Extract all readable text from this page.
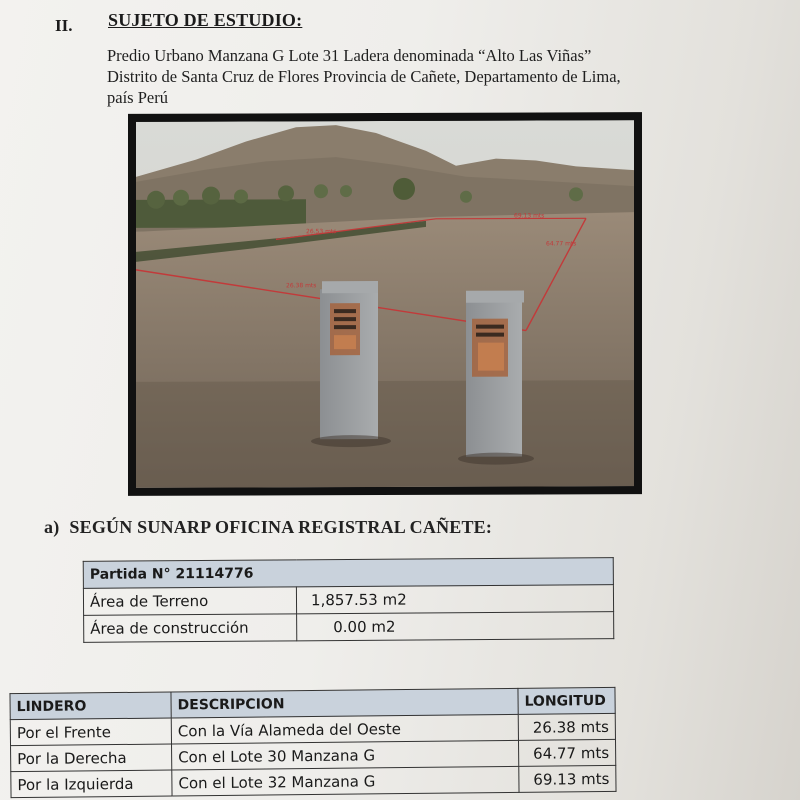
II. SUJETO DE ESTUDIO:
Predio Urbano Manzana G Lote 31 Ladera denominada “Alto Las Viñas”
Distrito de Santa Cruz de Flores Provincia de Cañete, Departamento de Lima,
país Perú
26.38 mts
69.13 mts
64.77 mts
26.53 mts
a) SEGÚN SUNARP OFICINA REGISTRAL CAÑETE:
Partida N° 21114776	
Área de Terreno	1,857.53 m2
Área de construcción	0.00 m2
LINDERO	DESCRIPCION	LONGITUD
Por el Frente	Con la Vía Alameda del Oeste	26.38 mts
Por la Derecha	Con el Lote 30 Manzana G	64.77 mts
Por la Izquierda	Con el Lote 32 Manzana G	69.13 mts
